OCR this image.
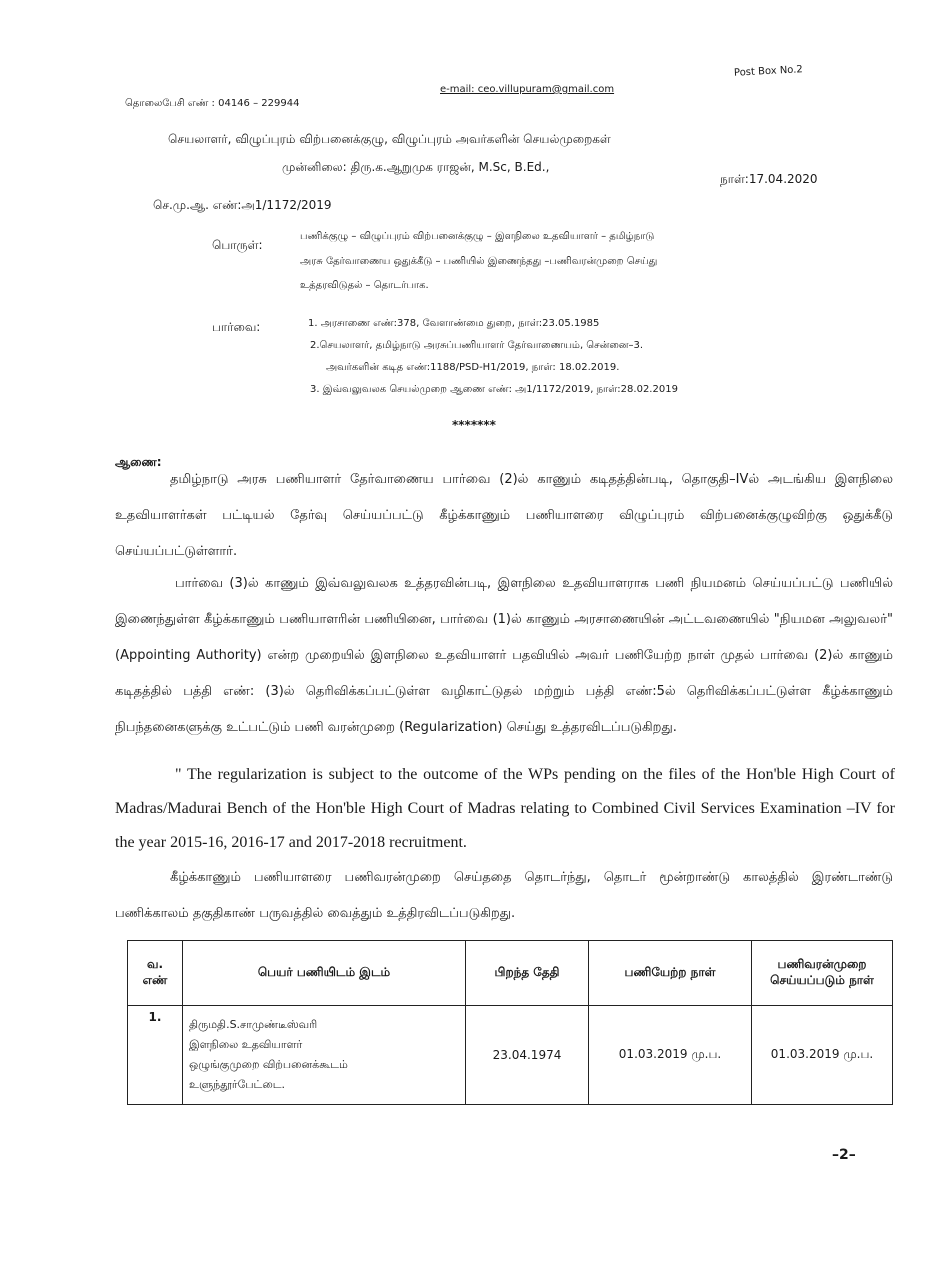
Post Box No.2
தொலைபேசி எண் : 04146 – 229944
e-mail: ceo.villupuram@gmail.com
செயலாளர், விழுப்புரம் விற்பனைக்குழு, விழுப்புரம் அவர்களின் செயல்முறைகள்
முன்னிலை: திரு.க.ஆறுமுக ராஜன், M.Sc, B.Ed.,
நாள்:17.04.2020
செ.மு.ஆ. எண்:அ1/1172/2019
பொருள்:
பணிக்குழு – விழுப்புரம் விற்பனைக்குழு – இளநிலை உதவியாளர் – தமிழ்நாடு
அரசு தேர்வாணைய ஒதுக்கீடு – பணியில் இணைந்தது –பணிவரன்முறை செய்து
உத்தரவிடுதல் – தொடர்பாக.
பார்வை:	1. அரசாணை எண்:378, வேளாண்மை துறை, நாள்:23.05.1985
2.செயலாளர், தமிழ்நாடு அரசுப்பணியாளர் தேர்வாணையம், சென்னை–3.
அவர்களின் கடித எண்:1188/PSD-H1/2019, நாள்: 18.02.2019.
3. இவ்வலுவலக செயல்முறை ஆணை எண்: அ1/1172/2019, நாள்:28.02.2019
*******
ஆணை:
தமிழ்நாடு அரசு பணியாளர் தேர்வாணைய பார்வை (2)ல் காணும் கடிதத்தின்படி, தொகுதி–IVல் அடங்கிய இளநிலை உதவியாளர்கள் பட்டியல் தேர்வு செய்யப்பட்டு கீழ்க்காணும் பணியாளரை விழுப்புரம் விற்பனைக்குழுவிற்கு ஒதுக்கீடு செய்யப்பட்டுள்ளார்.
பார்வை (3)ல் காணும் இவ்வலுவலக உத்தரவின்படி, இளநிலை உதவியாளராக பணி நியமனம் செய்யப்பட்டு பணியில் இணைந்துள்ள கீழ்க்காணும் பணியாளரின் பணியினை, பார்வை (1)ல் காணும் அரசாணையின் அட்டவணையில் "நியமன அலுவலர்" (Appointing Authority) என்ற முறையில் இளநிலை உதவியாளர் பதவியில் அவர் பணியேற்ற நாள் முதல் பார்வை (2)ல் காணும் கடிதத்தில் பத்தி எண்: (3)ல் தெரிவிக்கப்பட்டுள்ள வழிகாட்டுதல் மற்றும் பத்தி எண்:5ல் தெரிவிக்கப்பட்டுள்ள கீழ்க்காணும் நிபந்தனைகளுக்கு உட்பட்டும் பணி வரன்முறை (Regularization) செய்து உத்தரவிடப்படுகிறது.
" The regularization is subject to the outcome of the WPs pending on the files of the Hon'ble High Court of Madras/Madurai Bench of the Hon'ble High Court of Madras relating to Combined Civil Services Examination –IV for the year 2015-16, 2016-17 and 2017-2018 recruitment.
கீழ்க்காணும் பணியாளரை பணிவரன்முறை செய்ததை தொடர்ந்து, தொடர் மூன்றாண்டு காலத்தில் இரண்டாண்டு பணிக்காலம் தகுதிகாண் பருவத்தில் வைத்தும் உத்திரவிடப்படுகிறது.
வ. எண்	பெயர் பணியிடம் இடம்	பிறந்த தேதி	பணியேற்ற நாள்	பணிவரன்முறை செய்யப்படும் நாள்
1.	திருமதி.S.சாமுண்டீஸ்வரி
இளநிலை உதவியாளர்
ஒழுங்குமுறை விற்பனைக்கூடம்
உளுந்தூர்பேட்டை.	23.04.1974	01.03.2019 மு.ப.	01.03.2019 மு.ப.
–2–
